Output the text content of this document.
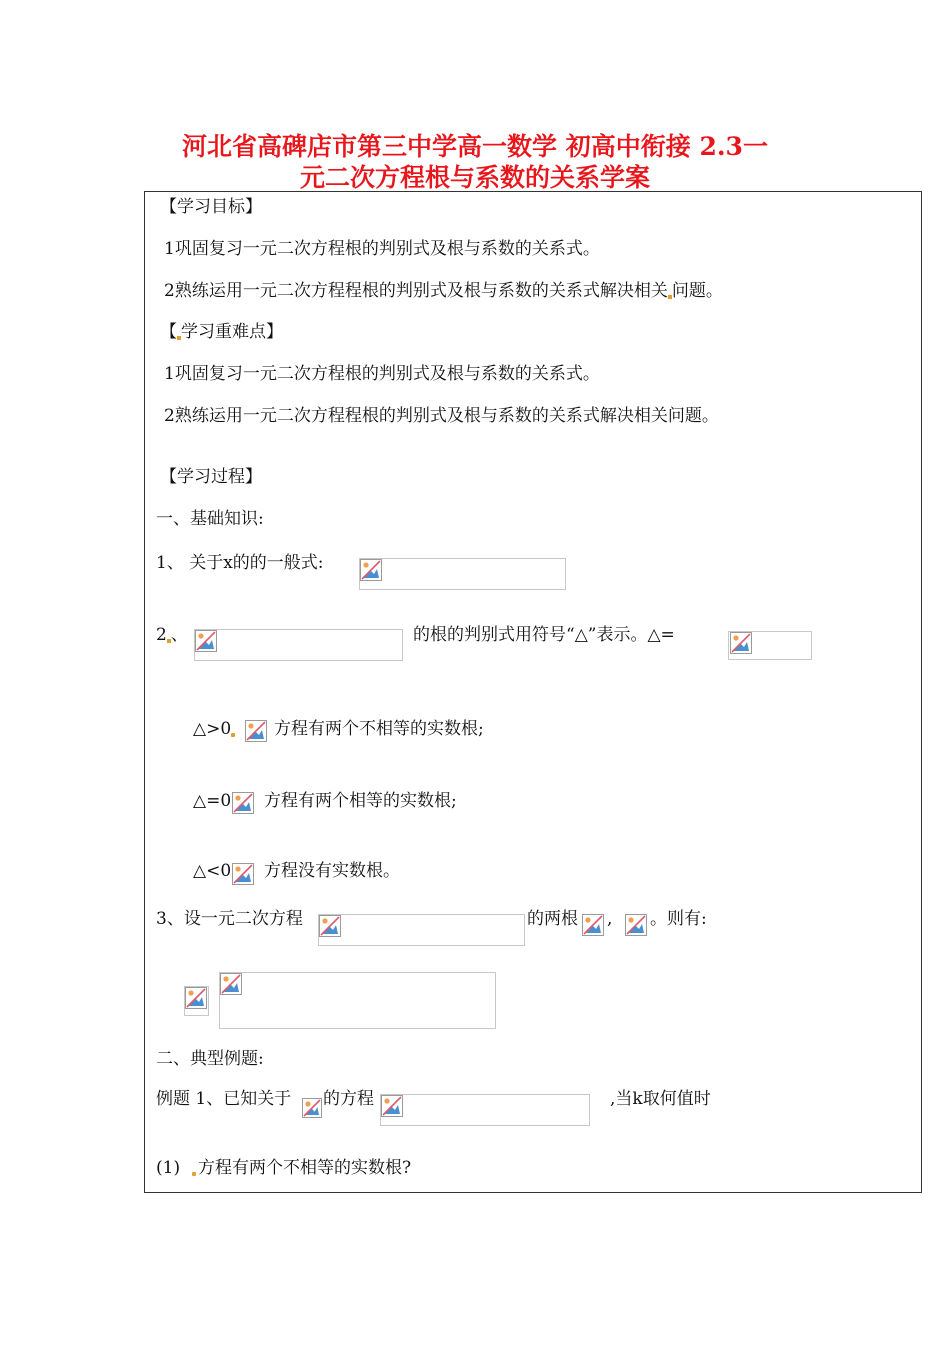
河北省高碑店市第三中学高一数学 初高中衔接 2.3一
元二次方程根与系数的关系学案
【学习目标】
1巩固复习一元二次方程根的判别式及根与系数的关系式。
2熟练运用一元二次方程程根的判别式及根与系数的关系式解决相关 问题。
【 学习重难点】
1巩固复习一元二次方程根的判别式及根与系数的关系式。
2熟练运用一元二次方程程根的判别式及根与系数的关系式解决相关问题。
【学习过程】
一、基础知识:
1、 关于x的的一般式:
2 、	的根的判别式用符号“△”表示。△=
△>0	方程有两个不相等的实数根;
△=0 方程有两个相等的实数根;
△<0 方程没有实数根。
3、设一元二次方程	的两根 , 。则有:
二、典型例题:
例题 1、已知关于 的方程	,当k取何值时
(1) 方程有两个不相等的实数根?
